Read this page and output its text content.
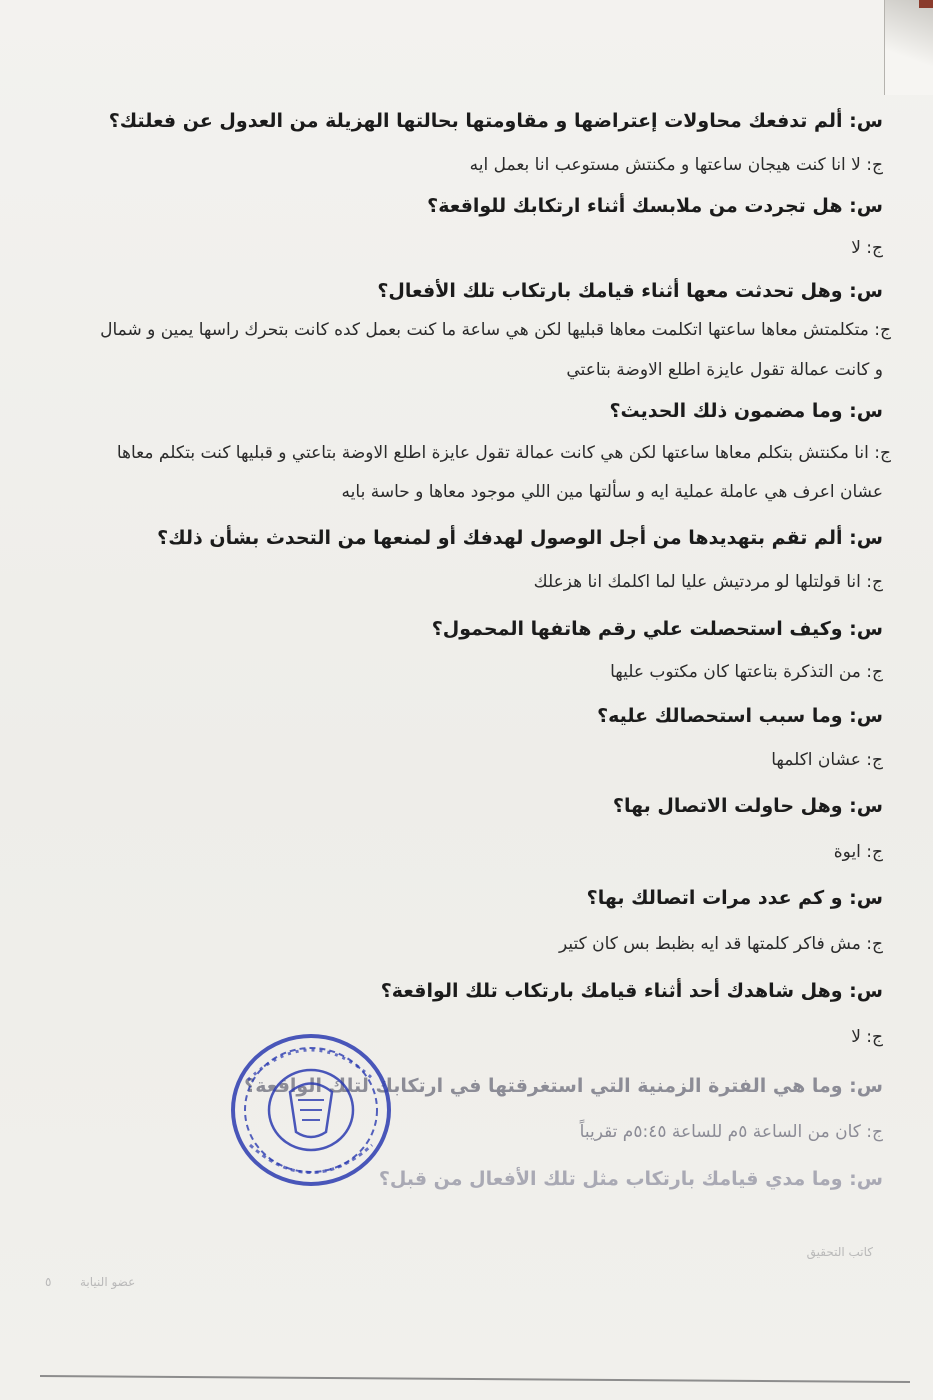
س: ألم تدفعك محاولات إعتراضها و مقاومتها بحالتها الهزيلة من العدول عن فعلتك؟
ج: لا انا كنت هيجان ساعتها و مكنتش مستوعب انا بعمل ايه
س: هل تجردت من ملابسك أثناء ارتكابك للواقعة؟
ج: لا
س: وهل تحدثت معها أثناء قيامك بارتكاب تلك الأفعال؟
ج: متكلمتش معاها ساعتها اتكلمت معاها قبليها لكن هي ساعة ما كنت بعمل كده كانت بتحرك راسها يمين و شمال
و كانت عمالة تقول عايزة اطلع الاوضة بتاعتي
س: وما مضمون ذلك الحديث؟
ج: انا مكنتش بتكلم معاها ساعتها لكن هي كانت عمالة تقول عايزة اطلع الاوضة بتاعتي و قبليها كنت بتكلم معاها
عشان اعرف هي عاملة عملية ايه و سألتها مين اللي موجود معاها و حاسة بايه
س: ألم تقم بتهديدها من أجل الوصول لهدفك أو لمنعها من التحدث بشأن ذلك؟
ج: انا قولتلها لو مردتيش عليا لما اكلمك انا هزعلك
س: وكيف استحصلت علي رقم هاتفها المحمول؟
ج: من التذكرة بتاعتها كان مكتوب عليها
س: وما سبب استحصالك عليه؟
ج: عشان اكلمها
س: وهل حاولت الاتصال بها؟
ج: ايوة
س: و كم عدد مرات اتصالك بها؟
ج: مش فاكر كلمتها قد ايه بظبط بس كان كتير
س: وهل شاهدك أحد أثناء قيامك بارتكاب تلك الواقعة؟
ج: لا
س: وما هي الفترة الزمنية التي استغرقتها في ارتكابك لتلك الواقعة؟
ج: كان من الساعة ٥م للساعة ٥:٤٥م تقريباً
س: وما مدي قيامك بارتكاب مثل تلك الأفعال من قبل؟
كاتب التحقيق
عضو النيابة
٥
